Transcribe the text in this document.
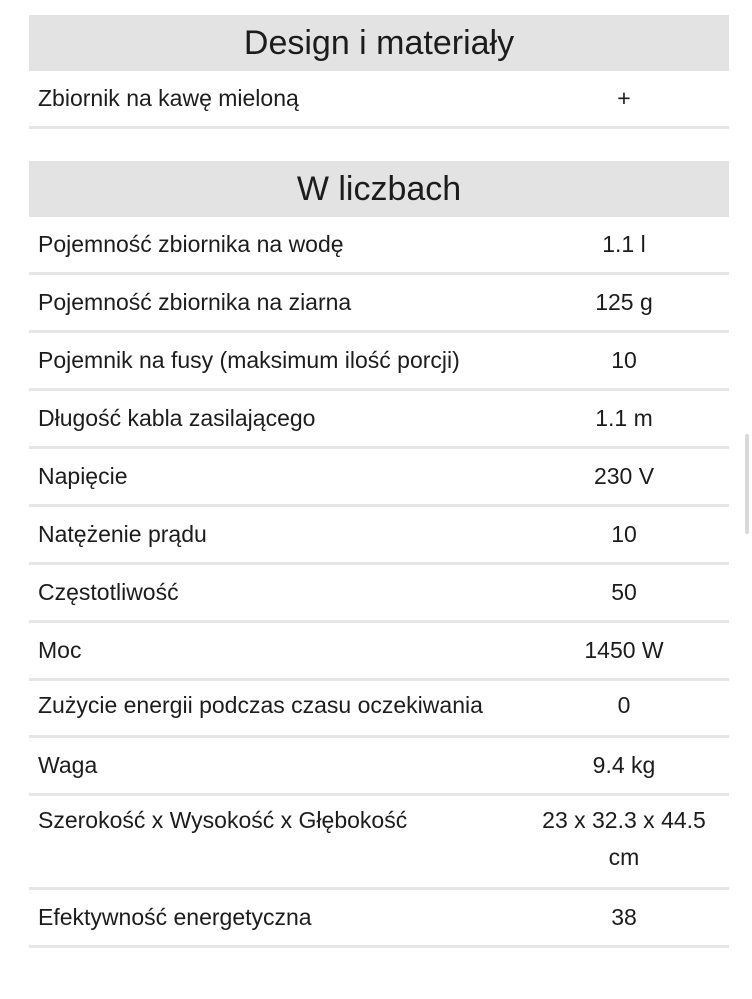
Design i materiały
Zbiornik na kawę mieloną	+
W liczbach
Pojemność zbiornika na wodę	1.1 l
Pojemność zbiornika na ziarna	125 g
Pojemnik na fusy (maksimum ilość porcji)	10
Długość kabla zasilającego	1.1 m
Napięcie	230 V
Natężenie prądu	10
Częstotliwość	50
Moc	1450 W
Zużycie energii podczas czasu oczekiwania	0
Waga	9.4 kg
Szerokość x Wysokość x Głębokość	23 x 32.3 x 44.5 cm
Efektywność energetyczna	38
